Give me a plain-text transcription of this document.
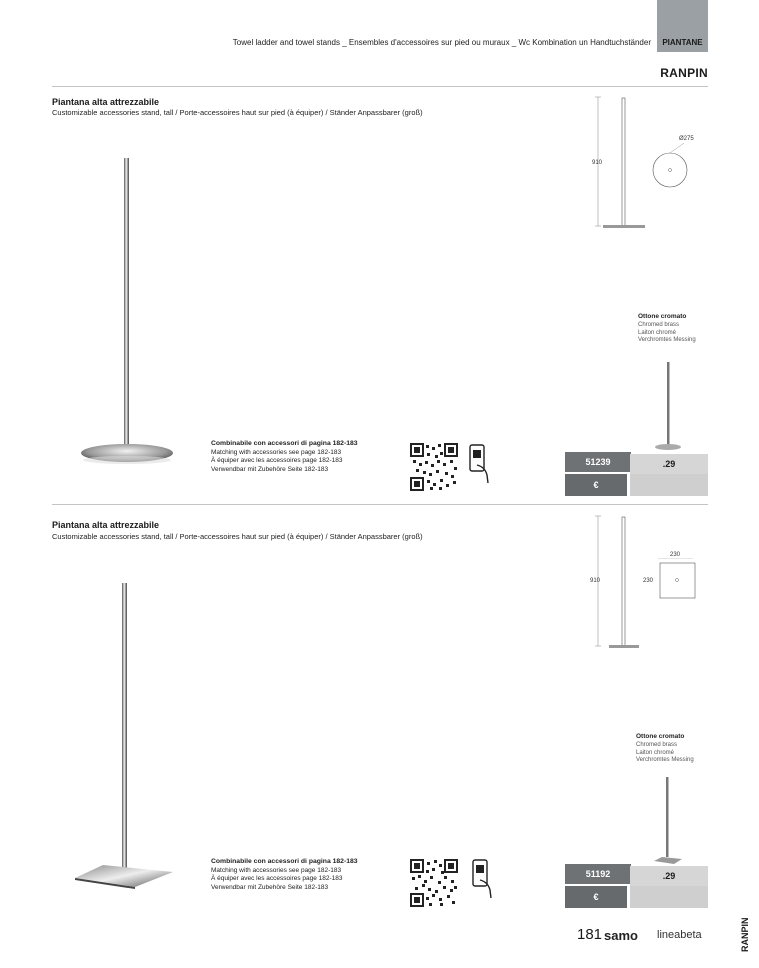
Towel ladder and towel stands _ Ensembles d'accessoires sur pied ou muraux _ Wc Kombination un Handtuchständer	PIANTANE
RANPIN
Piantana alta attrezzabile
Customizable accessories stand, tall / Porte-accessoires haut sur pied (à équiper) / Ständer Anpassbarer (groß)
910
Ø275
Ottone cromato
Chromed brass
Laiton chromé
Verchromtes Messing
Combinabile con accessori di pagina 182-183
Matching with accessories see page 182-183
À équiper avec les accessoires page 182-183
Verwendbar mit Zubehöre Seite 182-183
51239	.29
€
Piantana alta attrezzabile
Customizable accessories stand, tall / Porte-accessoires haut sur pied (à équiper) / Ständer Anpassbarer (groß)
910
230
230
Ottone cromato
Chromed brass
Laiton chromé
Verchromtes Messing
Combinabile con accessori di pagina 182-183
Matching with accessories see page 182-183
À équiper avec les accessoires page 182-183
Verwendbar mit Zubehöre Seite 182-183
51192	.29
€
181 samo lineabeta	RANPIN
